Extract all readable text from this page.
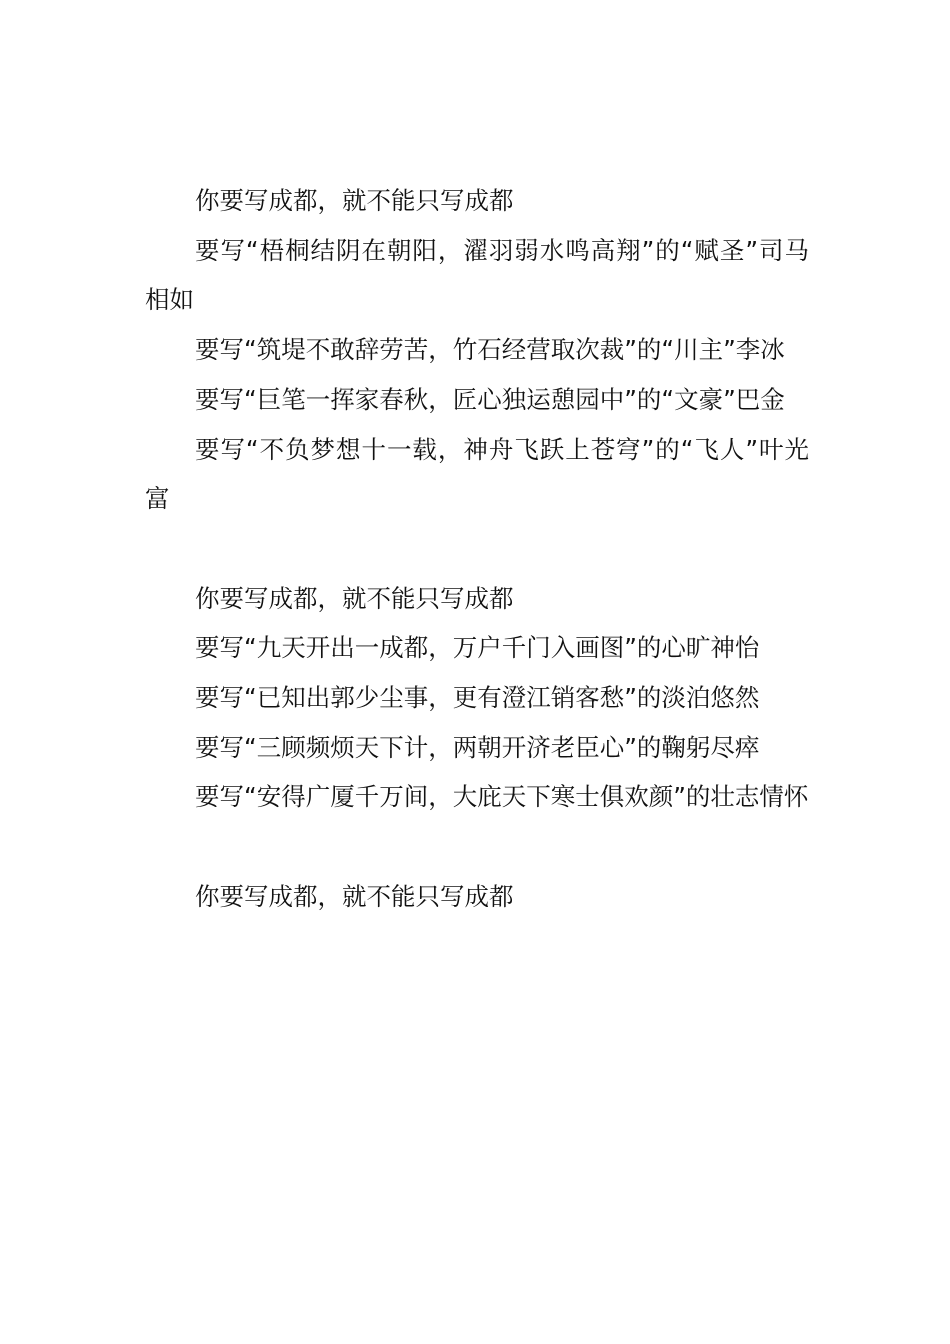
你要写成都，就不能只写成都

要写“梧桐结阴在朝阳，濯羽弱水鸣高翔”的“赋圣”司马相如

要写“筑堤不敢辞劳苦，竹石经营取次裁”的“川主”李冰

要写“巨笔一挥家春秋，匠心独运憩园中”的“文豪”巴金

要写“不负梦想十一载，神舟飞跃上苍穹”的“飞人”叶光富

你要写成都，就不能只写成都

要写“九天开出一成都，万户千门入画图”的心旷神怡

要写“已知出郭少尘事，更有澄江销客愁”的淡泊悠然

要写“三顾频烦天下计，两朝开济老臣心”的鞠躬尽瘁

要写“安得广厦千万间，大庇天下寒士俱欢颜”的壮志情怀

你要写成都，就不能只写成都
